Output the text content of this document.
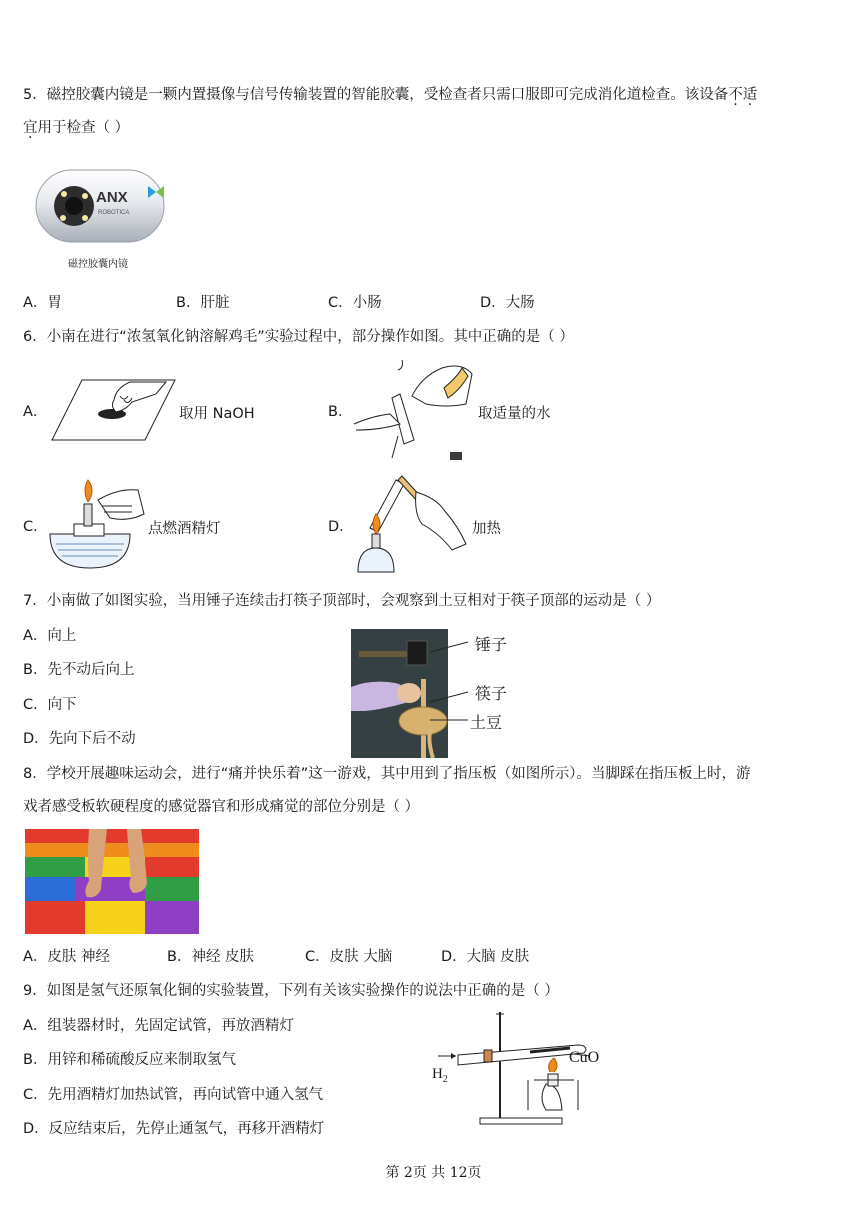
5．磁控胶囊内镜是一颗内置摄像与信号传输装置的智能胶囊，受检查者只需口服即可完成消化道检查。该设备不适
宜用于检查（ ）
ANX
ROBOTICA
磁控胶囊内镜
A．胃	B．肝脏	C．小肠	D．大肠
6．小南在进行“浓氢氧化钠溶解鸡毛”实验过程中，部分操作如图。其中正确的是（ ）
A．	取用 NaOH	B．	取适量的水
C．	点燃酒精灯	D．	加热
7．小南做了如图实验，当用锤子连续击打筷子顶部时，会观察到土豆相对于筷子顶部的运动是（ ）
A．向上
B．先不动后向上
C．向下
D．先向下后不动
锤子
筷子
土豆
8．学校开展趣味运动会，进行“痛并快乐着”这一游戏，其中用到了指压板（如图所示）。当脚踩在指压板上时，游
戏者感受板软硬程度的感觉器官和形成痛觉的部位分别是（ ）
A．皮肤 神经	B．神经 皮肤	C．皮肤 大脑	D．大脑 皮肤
9．如图是氢气还原氧化铜的实验装置，下列有关该实验操作的说法中正确的是（ ）
A．组装器材时，先固定试管，再放酒精灯
B．用锌和稀硫酸反应来制取氢气
C．先用酒精灯加热试管，再向试管中通入氢气
D．反应结束后，先停止通氢气，再移开酒精灯
$H_2$
CuO
第 2页 共 12页
